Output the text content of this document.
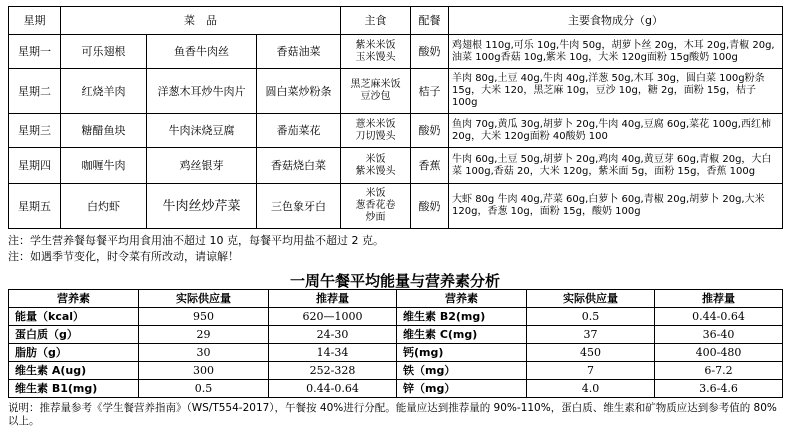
星期	菜　品			主食	配餐	主要食物成分（g）
星期一	可乐翅根	鱼香牛肉丝	香菇油菜	紫米米饭
玉米馒头	酸奶	鸡翅根 110g,可乐 10g,牛肉 50g，胡萝卜丝 20g，木耳 20g,青椒 20g,油菜 100g香菇 10g,紫米 10g，大米 120g面粉 15g酸奶 100g
星期二	红烧羊肉	洋葱木耳炒牛肉片	圆白菜炒粉条	黑芝麻米饭
豆沙包	桔子	羊肉 80g,土豆 40g,牛肉 40g,洋葱 50g,木耳 30g，圆白菜 100g粉条 15g，大米 120，黑芝麻 10g，豆沙 10g，糖 2g，面粉 15g，桔子 100g
星期三	糖醋鱼块	牛肉沫烧豆腐	番茄菜花	薏米米饭
刀切馒头	酸奶	鱼肉 70g,黄瓜 30g,胡萝卜 20g,牛肉 40g,豆腐 60g,菜花 100g,西红柿 20g，大米 120g面粉 40酸奶 100
星期四	咖喱牛肉	鸡丝银芽	香菇烧白菜	米饭
紫米馒头	香蕉	牛肉 60g,土豆 50g,胡萝卜 20g,鸡肉 40g,黄豆芽 60g,青椒 20g，大白菜 100g,香菇 20，大米 120g，紫米面 5g，面粉 15g，香蕉 100g
星期五	白灼虾	牛肉丝炒芹菜	三色象牙白	米饭
葱香花卷
炒面	酸奶	大虾 80g 牛肉 40g,芹菜 60g,白萝卜 60g,青椒 20g,胡萝卜 20g,大米 120g，香葱 10g，面粉 15g，酸奶 100g
注：学生营养餐每餐平均用食用油不超过 10 克，每餐平均用盐不超过 2 克。
注：如遇季节变化，时令菜有所改动，请谅解！
一周午餐平均能量与营养素分析
营养素	实际供应量	推荐量	营养素	实际供应量	推荐量
能量（kcal）	950	620—1000	维生素 B2(mg)	0.5	0.44-0.64
蛋白质（g）	29	24-30	维生素 C(mg)	37	36-40
脂肪（g）	30	14-34	钙(mg)	450	400-480
维生素 A(ug)	300	252-328	铁（mg）	7	6-7.2
维生素 B1(mg)	0.5	0.44-0.64	锌（mg）	4.0	3.6-4.6
说明：推荐量参考《学生餐营养指南》（WS/T554-2017），午餐按 40%进行分配。能量应达到推荐量的 90%-110%，蛋白质、维生素和矿物质应达到参考值的 80%以上。
